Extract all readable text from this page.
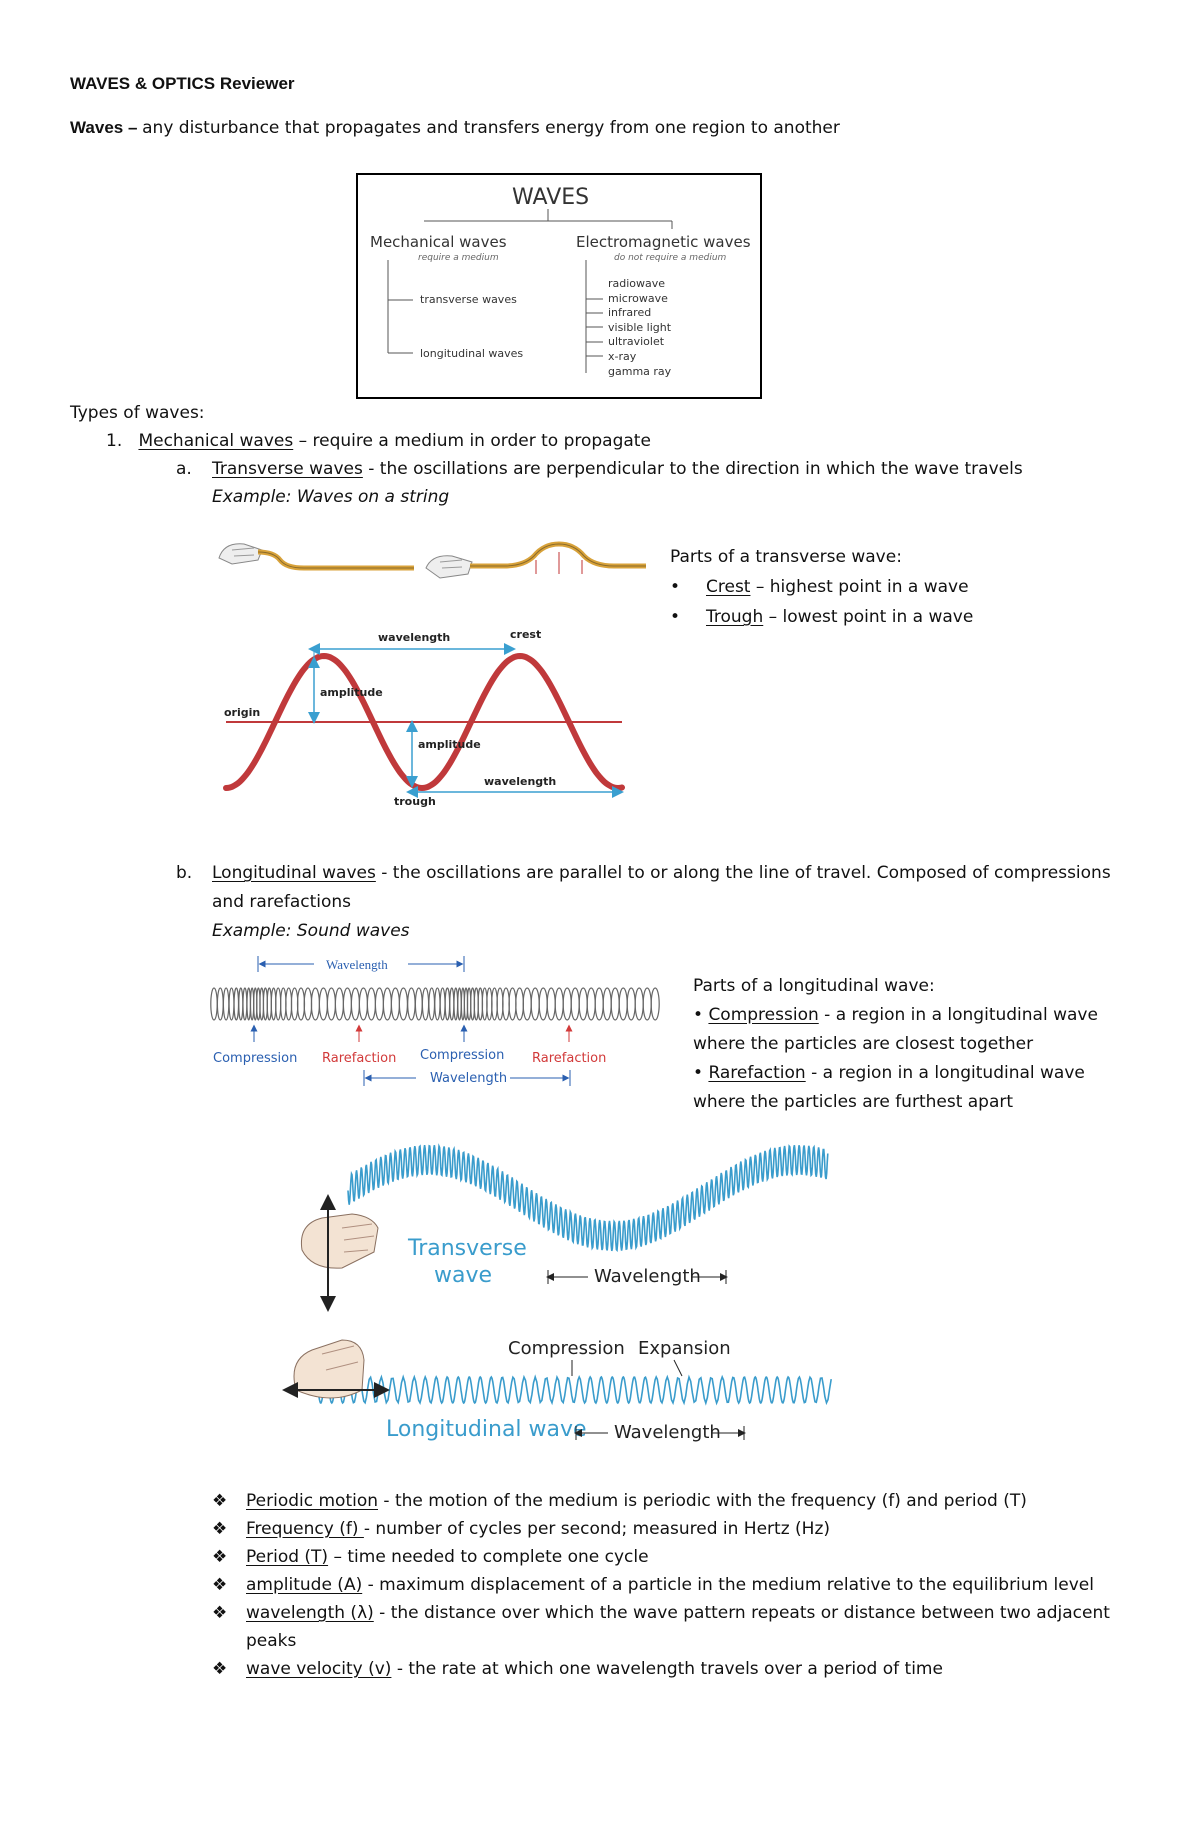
WAVES & OPTICS Reviewer
Waves – any disturbance that propagates and transfers energy from one region to another
WAVES
Mechanical waves
require a medium
transverse waves
longitudinal waves
Electromagnetic waves
do not require a medium
radiowave
microwave
infrared
visible light
ultraviolet
x-ray
gamma ray
Types of waves:
1. Mechanical waves – require a medium in order to propagate
a. Transverse waves - the oscillations are perpendicular to the direction in which the wave travels
Example: Waves on a string
wavelength	crest
amplitude
origin
amplitude
wavelength
trough
Parts of a transverse wave:
• Crest – highest point in a wave
• Trough – lowest point in a wave
b. Longitudinal waves - the oscillations are parallel to or along the line of travel. Composed of compressions
and rarefactions
Example: Sound waves
Wavelength
Compression Rarefaction Compression Rarefaction
Wavelength
Parts of a longitudinal wave:
• Compression - a region in a longitudinal wave
where the particles are closest together
• Rarefaction - a region in a longitudinal wave
where the particles are furthest apart
Transverse
wave	Wavelength
Compression Expansion
Longitudinal wave Wavelength
❖ Periodic motion - the motion of the medium is periodic with the frequency (f) and period (T)
❖ Frequency (f) - number of cycles per second; measured in Hertz (Hz)
❖ Period (T) – time needed to complete one cycle
❖ amplitude (A) - maximum displacement of a particle in the medium relative to the equilibrium level
❖ wavelength (λ) - the distance over which the wave pattern repeats or distance between two adjacent
peaks
❖ wave velocity (v) - the rate at which one wavelength travels over a period of time
